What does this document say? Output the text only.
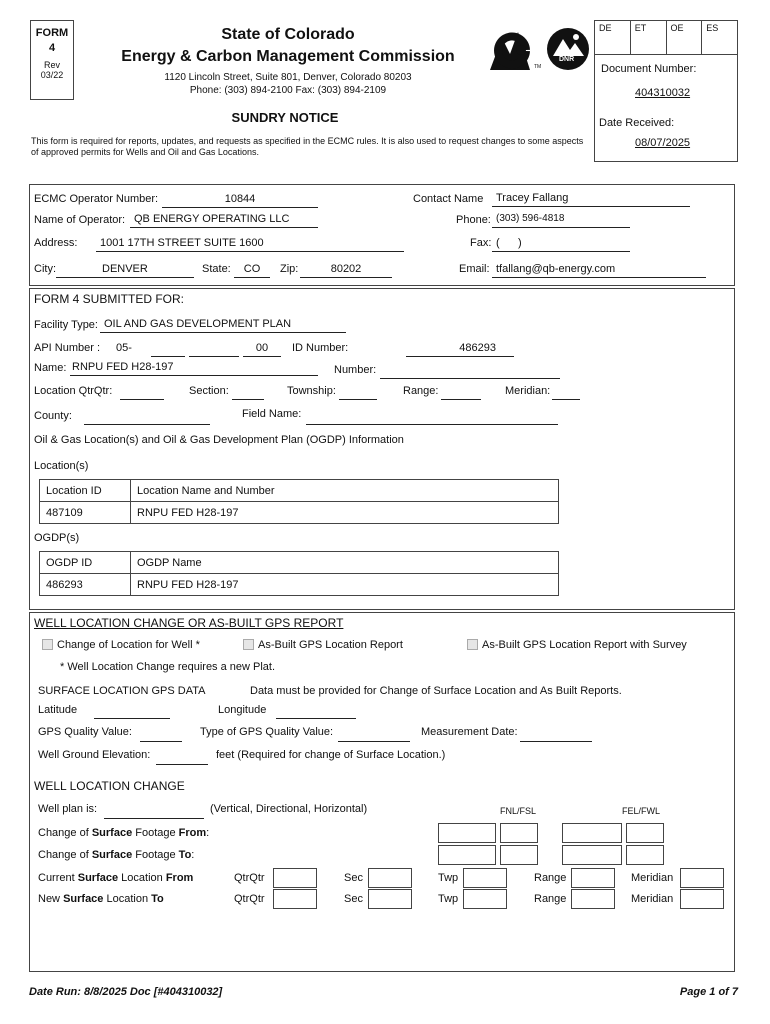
FORM
4
Rev
03/22
State of Colorado
Energy & Carbon Management Commission
1120 Lincoln Street, Suite 801, Denver, Colorado 80203
Phone: (303) 894-2100 Fax: (303) 894-2109
TM
DNR
DE	ET	OE	ES
Document Number:
404310032
Date Received:
08/07/2025
SUNDRY NOTICE
This form is required for reports, updates, and requests as specified in the ECMC rules. It is also used to request changes to some aspects of approved permits for Wells and Oil and Gas Locations.
ECMC Operator Number:	10844
Name of Operator: QB ENERGY OPERATING LLC
Address:	1001 17TH STREET SUITE 1600
City:	DENVER	State:	CO	Zip:	80202
Contact Name	Tracey Fallang
Phone: (303) 596-4818
Fax: (      )
Email: tfallang@qb-energy.com
FORM 4 SUBMITTED FOR:
Facility Type: OIL AND GAS DEVELOPMENT PLAN
API Number : 05-	00	ID Number:	486293
Name: RNPU FED H28-197	Number:
Location QtrQtr:	Section:	Township:	Range:	Meridian:
County:	Field Name:
Oil & Gas Location(s) and Oil & Gas Development Plan (OGDP) Information
Location(s)
Location ID	Location Name and Number
487109	RNPU FED H28-197
OGDP(s)
OGDP ID	OGDP Name
486293	RNPU FED H28-197
WELL LOCATION CHANGE OR AS-BUILT GPS REPORT
Change of Location for Well *	As-Built GPS Location Report	As-Built GPS Location Report with Survey
* Well Location Change requires a new Plat.
SURFACE LOCATION GPS DATA	Data must be provided for Change of Surface Location and As Built Reports.
Latitude	Longitude
GPS Quality Value:	Type of GPS Quality Value:	Measurement Date:
Well Ground Elevation:	feet (Required for change of Surface Location.)
WELL LOCATION CHANGE
Well plan is:	(Vertical, Directional, Horizontal)	FNL/FSL	FEL/FWL
Change of Surface Footage From:
Change of Surface Footage To:
Current Surface Location From	QtrQtr	Sec	Twp	Range	Meridian
New Surface Location To	QtrQtr	Sec	Twp	Range	Meridian
Date Run: 8/8/2025 Doc [#404310032]	Page 1 of 7
